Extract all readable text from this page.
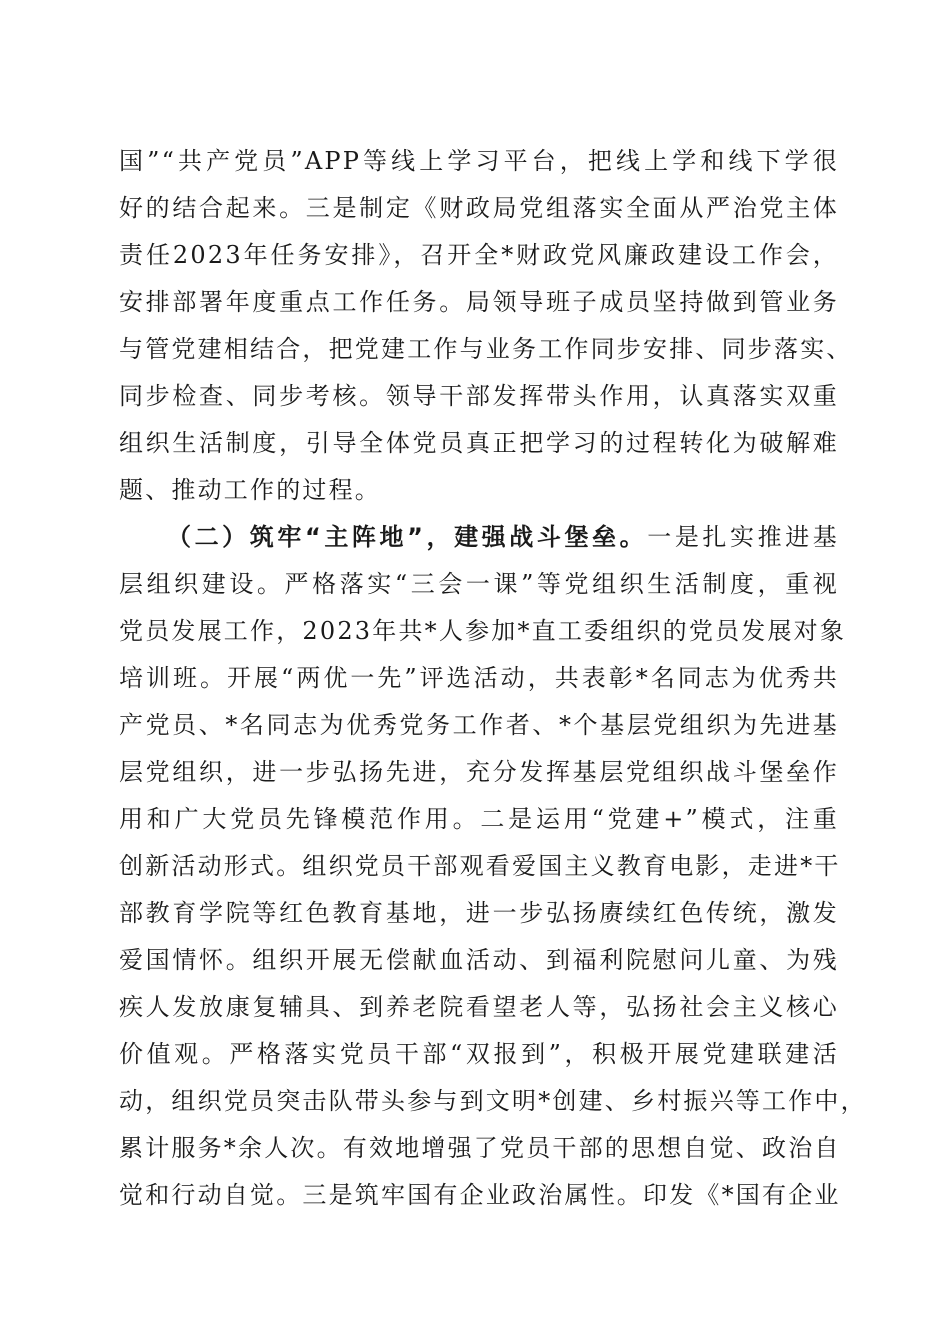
国”“共产党员”APP等线上学习平台，把线上学和线下学很
好的结合起来。三是制定《财政局党组落实全面从严治党主体
责任2023年任务安排》，召开全*财政党风廉政建设工作会，
安排部署年度重点工作任务。局领导班子成员坚持做到管业务
与管党建相结合，把党建工作与业务工作同步安排、同步落实、
同步检查、同步考核。领导干部发挥带头作用，认真落实双重
组织生活制度，引导全体党员真正把学习的过程转化为破解难
题、推动工作的过程。
（二）筑牢“主阵地”，建强战斗堡垒。一是扎实推进基
层组织建设。严格落实“三会一课”等党组织生活制度，重视
党员发展工作，2023年共*人参加*直工委组织的党员发展对象
培训班。开展“两优一先”评选活动，共表彰*名同志为优秀共
产党员、*名同志为优秀党务工作者、*个基层党组织为先进基
层党组织，进一步弘扬先进，充分发挥基层党组织战斗堡垒作
用和广大党员先锋模范作用。二是运用“党建+”模式，注重
创新活动形式。组织党员干部观看爱国主义教育电影，走进*干
部教育学院等红色教育基地，进一步弘扬赓续红色传统，激发
爱国情怀。组织开展无偿献血活动、到福利院慰问儿童、为残
疾人发放康复辅具、到养老院看望老人等，弘扬社会主义核心
价值观。严格落实党员干部“双报到”，积极开展党建联建活
动，组织党员突击队带头参与到文明*创建、乡村振兴等工作中，
累计服务*余人次。有效地增强了党员干部的思想自觉、政治自
觉和行动自觉。三是筑牢国有企业政治属性。印发《*国有企业
